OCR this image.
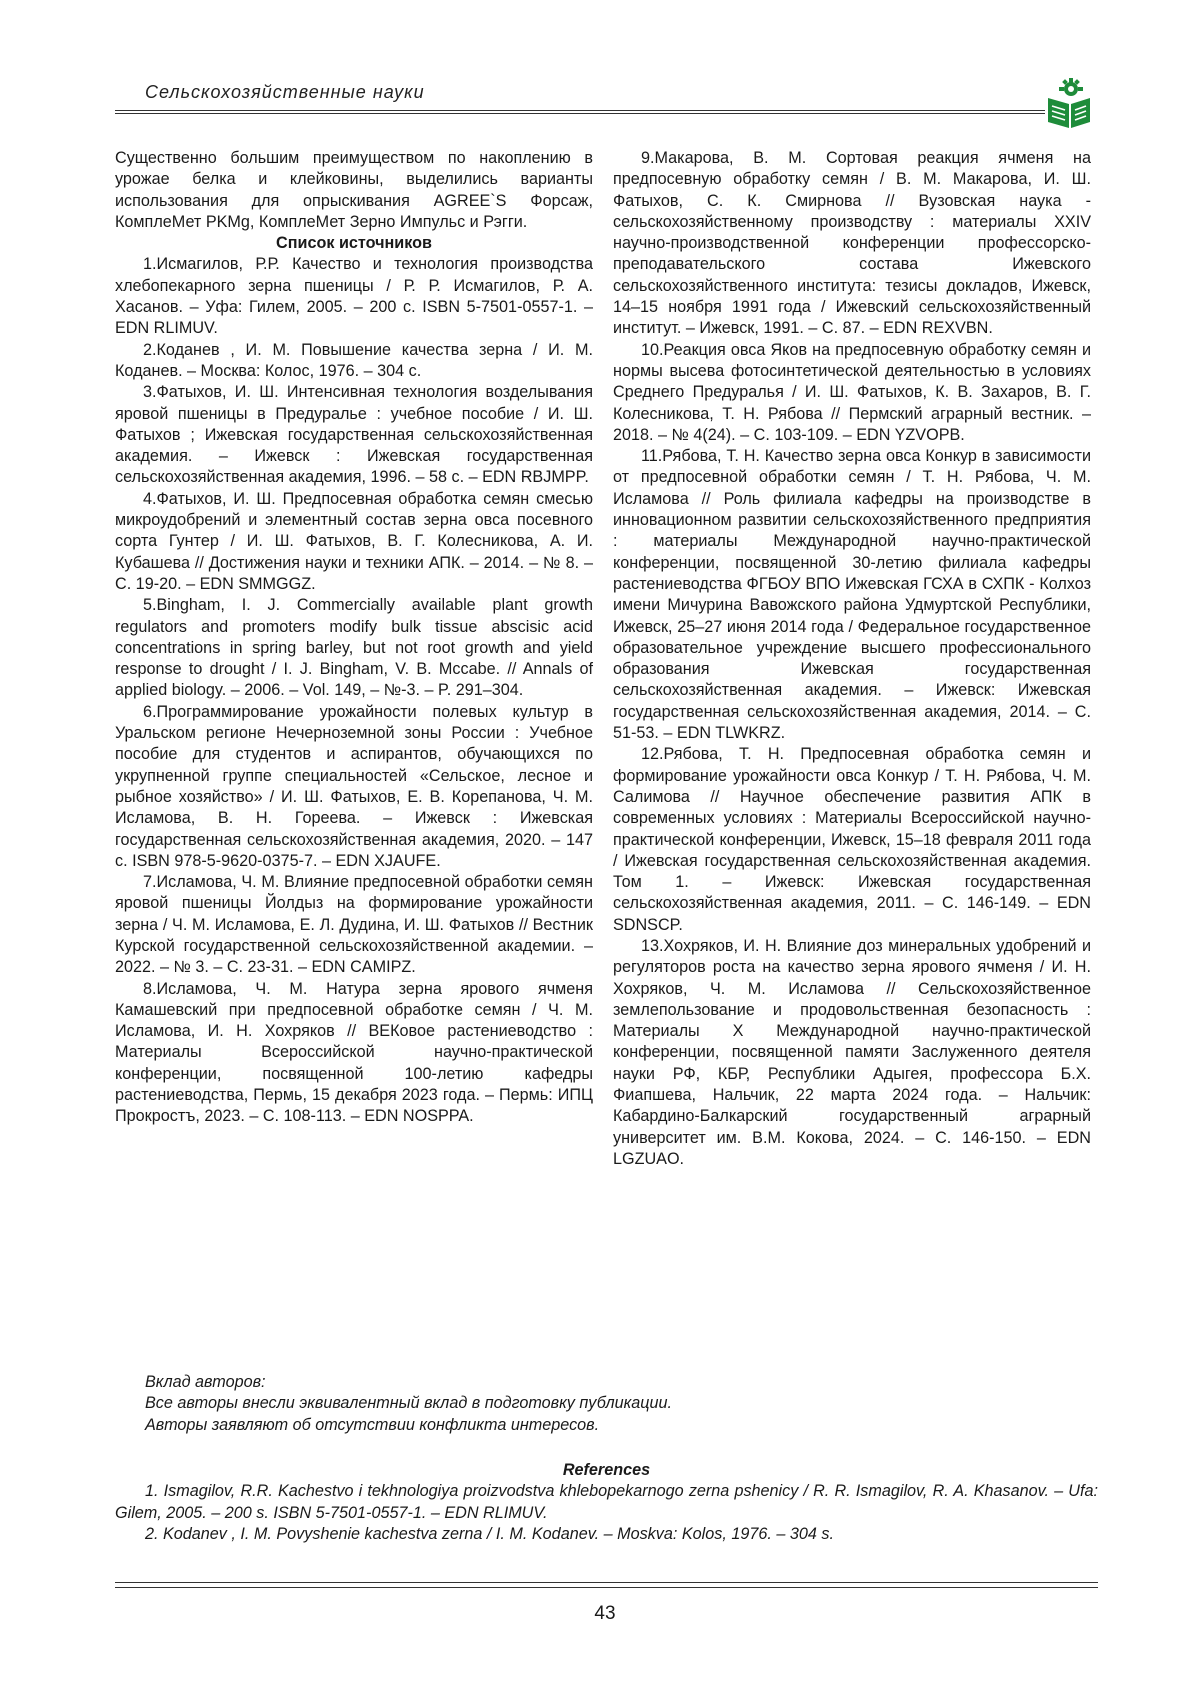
Сельскохозяйственные науки

Существенно большим преимуществом по накоплению в урожае белка и клейковины, выделились варианты использования для опрыскивания AGREE`S Форсаж, КомплеМет PKMg, КомплеМет Зерно Импульс и Рэгги.

Список источников

1.Исмагилов, Р.Р. Качество и технология производства хлебопекарного зерна пшеницы / Р. Р. Исмагилов, Р. А. Хасанов. – Уфа: Гилем, 2005. – 200 с. ISBN 5-7501-0557-1. – EDN RLIMUV.

2.Коданев , И. М. Повышение качества зерна / И. М. Коданев. – Москва: Колос, 1976. – 304 с.

3.Фатыхов, И. Ш. Интенсивная технология возделывания яровой пшеницы в Предуралье : учебное пособие / И. Ш. Фатыхов ; Ижевская государственная сельскохозяйственная академия. – Ижевск : Ижевская государственная сельскохозяйственная академия, 1996. – 58 с. – EDN RBJMPP.

4.Фатыхов, И. Ш. Предпосевная обработка семян смесью микроудобрений и элементный состав зерна овса посевного сорта Гунтер / И. Ш. Фатыхов, В. Г. Колесникова, А. И. Кубашева // Достижения науки и техники АПК. – 2014. – № 8. – С. 19-20. – EDN SMMGGZ.

5.Bingham, I. J. Commercially available plant growth regulators and promoters modify bulk tissue abscisic acid concentrations in spring barley, but not root growth and yield response to drought / I. J. Bingham, V. B. Mccabe. // Annals of applied biology. – 2006. – Vol. 149, – №-3. – P. 291–304.

6.Программирование урожайности полевых культур в Уральском регионе Нечерноземной зоны России : Учебное пособие для студентов и аспирантов, обучающихся по укрупненной группе специальностей «Сельское, лесное и рыбное хозяйство» / И. Ш. Фатыхов, Е. В. Корепанова, Ч. М. Исламова, В. Н. Гореева. – Ижевск : Ижевская государственная сельскохозяйственная академия, 2020. – 147 с. ISBN 978-5-9620-0375-7. – EDN XJAUFE.

7.Исламова, Ч. М. Влияние предпосевной обработки семян яровой пшеницы Йолдыз на формирование урожайности зерна / Ч. М. Исламова, Е. Л. Дудина, И. Ш. Фатыхов // Вестник Курской государственной сельскохозяйственной академии. – 2022. – № 3. – С. 23-31. – EDN CAMIPZ.

8.Исламова, Ч. М. Натура зерна ярового ячменя Камашевский при предпосевной обработке семян / Ч. М. Исламова, И. Н. Хохряков // ВЕКовое растениеводство : Материалы Всероссийской научно-практической конференции, посвященной 100-летию кафедры растениеводства, Пермь, 15 декабря 2023 года. – Пермь: ИПЦ Прокростъ, 2023. – С. 108-113. – EDN NOSPPA.

9.Макарова, В. М. Сортовая реакция ячменя на предпосевную обработку семян / В. М. Макарова, И. Ш. Фатыхов, С. К. Смирнова // Вузовская наука - сельскохозяйственному производству : материалы XXIV научно-производственной конференции профессорско-преподавательского состава Ижевского сельскохозяйственного института: тезисы докладов, Ижевск, 14–15 ноября 1991 года / Ижевский сельскохозяйственный институт. – Ижевск, 1991. – С. 87. – EDN REXVBN.

10.Реакция овса Яков на предпосевную обработку семян и нормы высева фотосинтетической деятельностью в условиях Среднего Предуралья / И. Ш. Фатыхов, К. В. Захаров, В. Г. Колесникова, Т. Н. Рябова // Пермский аграрный вестник. – 2018. – № 4(24). – С. 103-109. – EDN YZVOPB.

11.Рябова, Т. Н. Качество зерна овса Конкур в зависимости от предпосевной обработки семян / Т. Н. Рябова, Ч. М. Исламова // Роль филиала кафедры на производстве в инновационном развитии сельскохозяйственного предприятия : материалы Международной научно-практической конференции, посвященной 30-летию филиала кафедры растениеводства ФГБОУ ВПО Ижевская ГСХА в СХПК - Колхоз имени Мичурина Вавожского района Удмуртской Республики, Ижевск, 25–27 июня 2014 года / Федеральное государственное образовательное учреждение высшего профессионального образования Ижевская государственная сельскохозяйственная академия. – Ижевск: Ижевская государственная сельскохозяйственная академия, 2014. – С. 51-53. – EDN TLWKRZ.

12.Рябова, Т. Н. Предпосевная обработка семян и формирование урожайности овса Конкур / Т. Н. Рябова, Ч. М. Салимова // Научное обеспечение развития АПК в современных условиях : Материалы Всероссийской научно-практической конференции, Ижевск, 15–18 февраля 2011 года / Ижевская государственная сельскохозяйственная академия. Том 1. – Ижевск: Ижевская государственная сельскохозяйственная академия, 2011. – С. 146-149. – EDN SDNSCP.

13.Хохряков, И. Н. Влияние доз минеральных удобрений и регуляторов роста на качество зерна ярового ячменя / И. Н. Хохряков, Ч. М. Исламова // Сельскохозяйственное землепользование и продовольственная безопасность : Материалы X Международной научно-практической конференции, посвященной памяти Заслуженного деятеля науки РФ, КБР, Республики Адыгея, профессора Б.Х. Фиапшева, Нальчик, 22 марта 2024 года. – Нальчик: Кабардино-Балкарский государственный аграрный университет им. В.М. Кокова, 2024. – С. 146-150. – EDN LGZUAO.

Вклад авторов:
Все авторы внесли эквивалентный вклад в подготовку публикации.
Авторы заявляют об отсутствии конфликта интересов.
References

1. Ismagilov, R.R. Kachestvo i tekhnologiya proizvodstva khlebopekarnogo zerna pshenicy / R. R. Ismagilov, R. A. Khasanov. – Ufa: Gilem, 2005. – 200 s. ISBN 5-7501-0557-1. – EDN RLIMUV.

2. Kodanev , I. M. Povyshenie kachestva zerna / I. M. Kodanev. – Moskva: Kolos, 1976. – 304 s.

43
